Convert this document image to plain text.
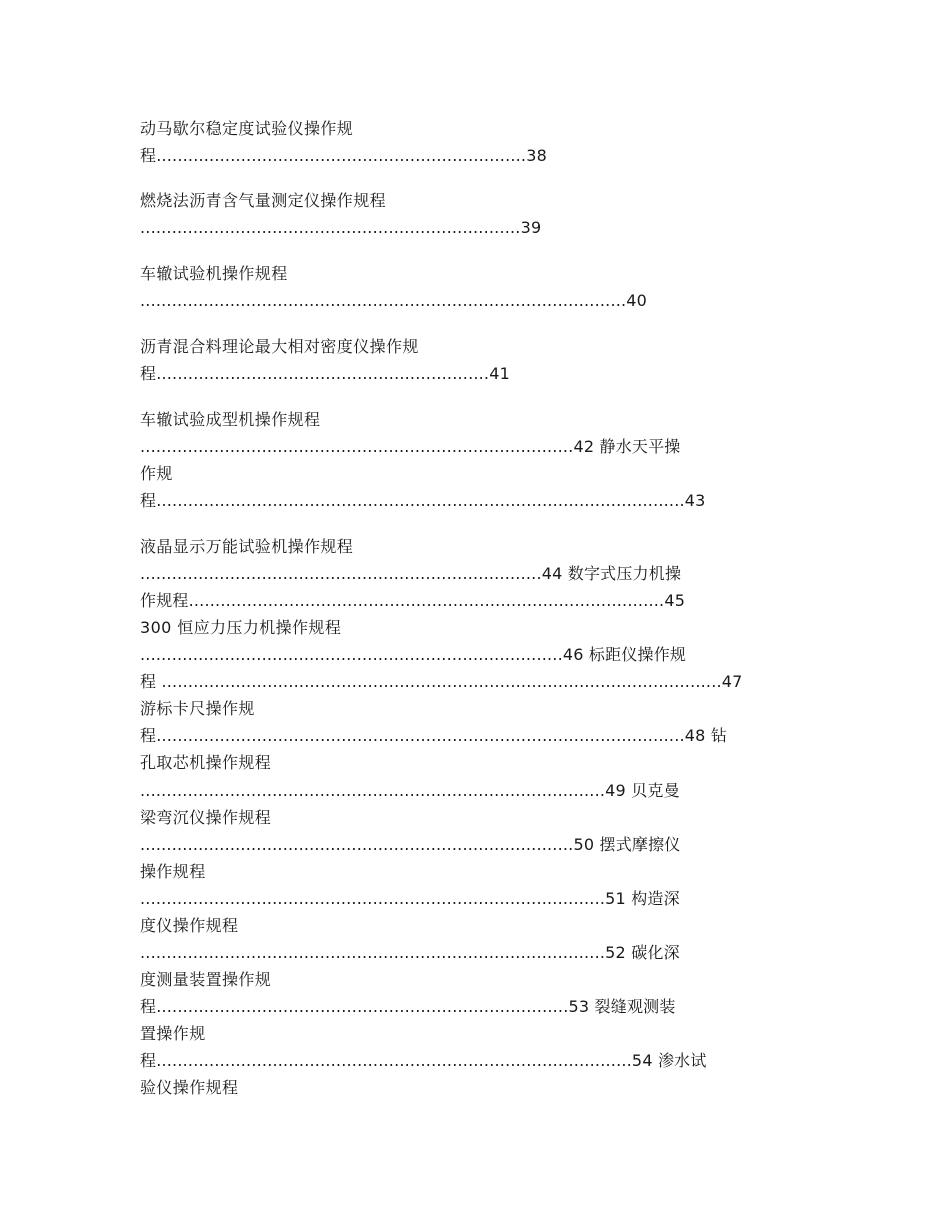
动马歇尔稳定度试验仪操作规
程......................................................................38
燃烧法沥青含气量测定仪操作规程
........................................................................39
车辙试验机操作规程
............................................................................................40
沥青混合料理论最大相对密度仪操作规
程...............................................................41
车辙试验成型机操作规程
..................................................................................42 静水天平操
作规
程....................................................................................................43
液晶显示万能试验机操作规程
............................................................................44 数字式压力机操
作规程..........................................................................................45
300 恒应力压力机操作规程
................................................................................46 标距仪操作规
程 ..........................................................................................................47
游标卡尺操作规
程....................................................................................................48 钻
孔取芯机操作规程
........................................................................................49 贝克曼
梁弯沉仪操作规程
..................................................................................50 摆式摩擦仪
操作规程
........................................................................................51 构造深
度仪操作规程
........................................................................................52 碳化深
度测量装置操作规
程..............................................................................53 裂缝观测装
置操作规
程..........................................................................................54 渗水试
验仪操作规程
